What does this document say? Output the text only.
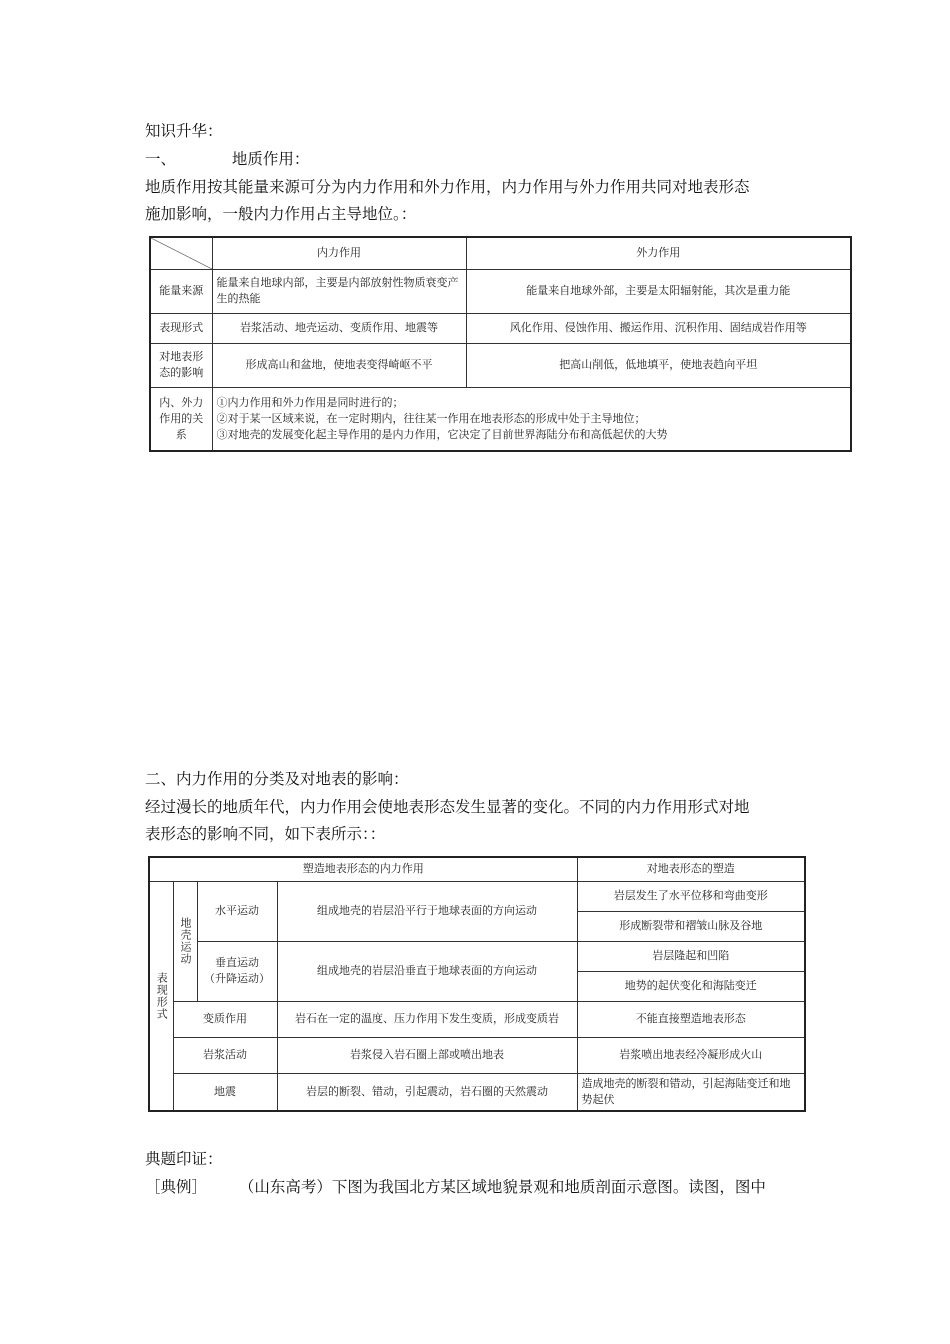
知识升华：
一、	地质作用：
地质作用按其能量来源可分为内力作用和外力作用，内力作用与外力作用共同对地表形态
施加影响，一般内力作用占主导地位。：
	内力作用	外力作用
能量来源	能量来自地球内部，主要是内部放射性物质衰变产生的热能	能量来自地球外部，主要是太阳辐射能，其次是重力能
表现形式	岩浆活动、地壳运动、变质作用、地震等	风化作用、侵蚀作用、搬运作用、沉积作用、固结成岩作用等
对地表形态的影响	形成高山和盆地，使地表变得崎岖不平	把高山削低，低地填平，使地表趋向平坦
内、外力作用的关系	①内力作用和外力作用是同时进行的；
②对于某一区域来说，在一定时期内，往往某一作用在地表形态的形成中处于主导地位；
③对地壳的发展变化起主导作用的是内力作用，它决定了目前世界海陆分布和高低起伏的大势	
二、内力作用的分类及对地表的影响：
经过漫长的地质年代，内力作用会使地表形态发生显著的变化。不同的内力作用形式对地
表形态的影响不同，如下表所示：：
塑造地表形态的内力作用				对地表形态的塑造
表现形式	地壳运动	水平运动	组成地壳的岩层沿平行于地球表面的方向运动	岩层发生了水平位移和弯曲变形
				形成断裂带和褶皱山脉及谷地

		垂直运动
（升降运动）	组成地壳的岩层沿垂直于地球表面的方向运动	岩层隆起和凹陷
				地势的起伏变化和海陆变迁
	变质作用		岩石在一定的温度、压力作用下发生变质，形成变质岩	不能直接塑造地表形态
	岩浆活动		岩浆侵入岩石圈上部或喷出地表	岩浆喷出地表经冷凝形成火山
	地震		岩层的断裂、错动，引起震动，岩石圈的天然震动	造成地壳的断裂和错动，引起海陆变迁和地势起伏
典题印证：
［典例］ （山东高考）下图为我国北方某区域地貌景观和地质剖面示意图。读图，图中
